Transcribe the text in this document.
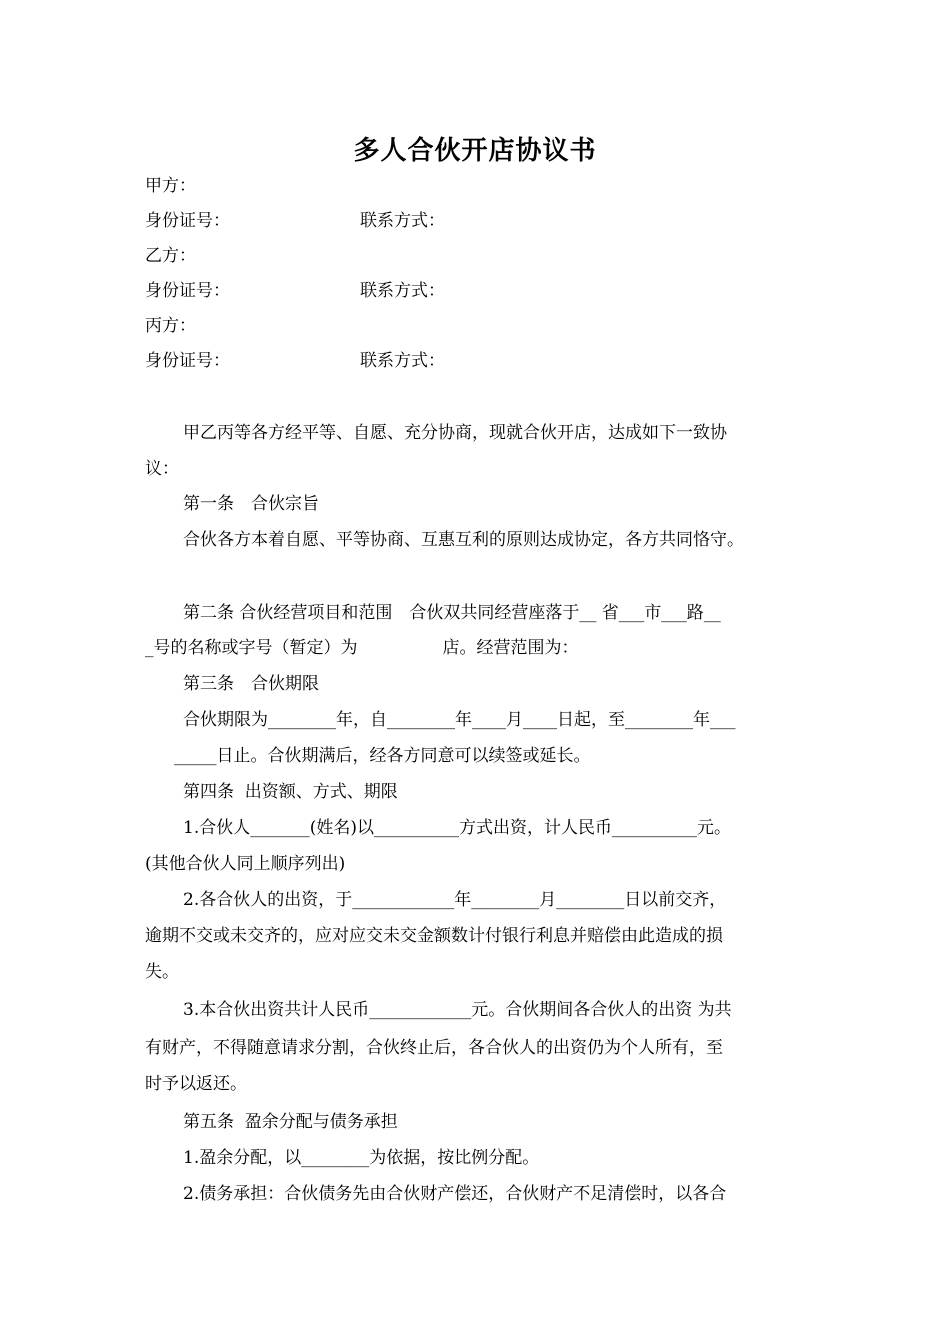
多人合伙开店协议书
甲方：
身份证号：	联系方式：
乙方：
身份证号：	联系方式：
丙方：
身份证号：	联系方式：
甲乙丙等各方经平等、自愿、充分协商，现就合伙开店，达成如下一致协
议：
第一条　合伙宗旨
合伙各方本着自愿、平等协商、互惠互利的原则达成协定，各方共同恪守。
第二条 合伙经营项目和范围　合伙双共同经营座落于__ 省___市___路__
_号的名称或字号（暂定）为　　　　　店。经营范围为：
第三条　合伙期限
合伙期限为________年，自________年____月____日起，至________年___
_____日止。合伙期满后，经各方同意可以续签或延长。
第四条  出资额、方式、期限
1.合伙人_______(姓名)以__________方式出资，计人民币__________元。
(其他合伙人同上顺序列出)
2.各合伙人的出资，于____________年________月________日以前交齐，
逾期不交或未交齐的，应对应交未交金额数计付银行利息并赔偿由此造成的损
失。
3.本合伙出资共计人民币____________元。合伙期间各合伙人的出资 为共
有财产，不得随意请求分割，合伙终止后，各合伙人的出资仍为个人所有，至
时予以返还。
第五条  盈余分配与债务承担
1.盈余分配，以________为依据，按比例分配。
2.债务承担：合伙债务先由合伙财产偿还，合伙财产不足清偿时，以各合
